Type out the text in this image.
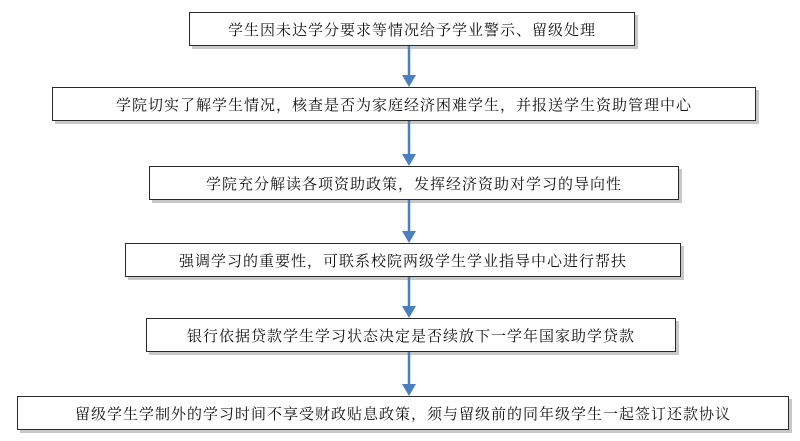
学生因未达学分要求等情况给予学业警示、留级处理
学院切实了解学生情况，核查是否为家庭经济困难学生，并报送学生资助管理中心
学院充分解读各项资助政策，发挥经济资助对学习的导向性
强调学习的重要性，可联系校院两级学生学业指导中心进行帮扶
银行依据贷款学生学习状态决定是否续放下一学年国家助学贷款
留级学生学制外的学习时间不享受财政贴息政策，须与留级前的同年级学生一起签订还款协议
